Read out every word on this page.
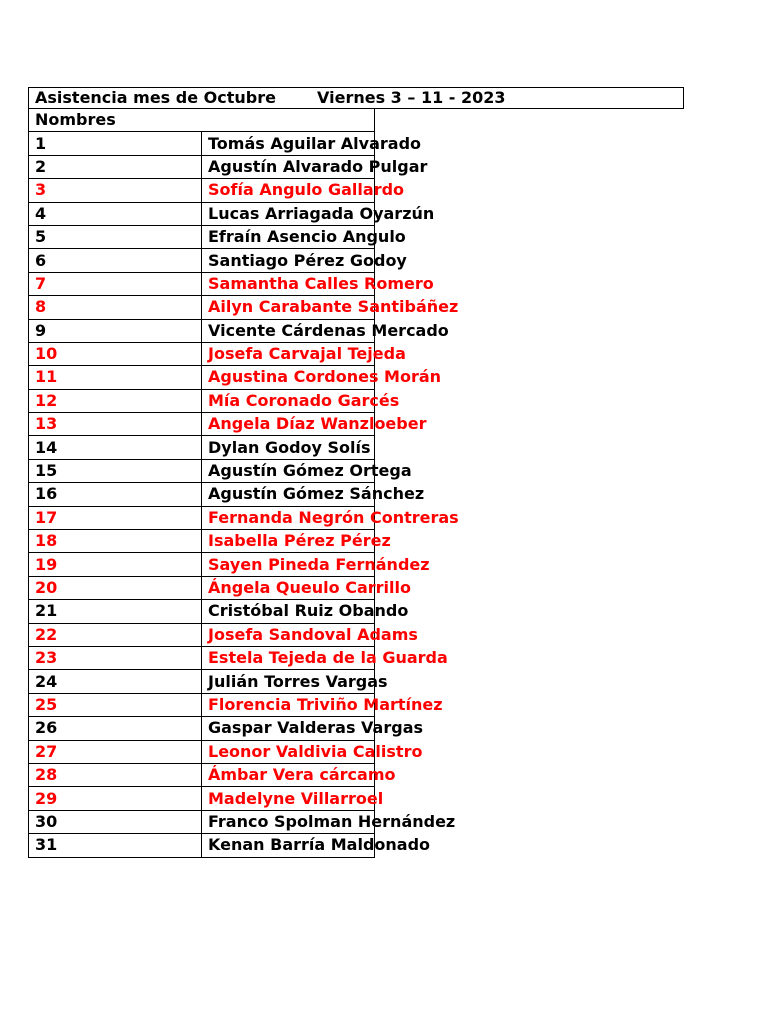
Asistencia mes de Octubre	Viernes 3 – 11 - 2023
Nombres	
1	Tomás Aguilar Alvarado
2	Agustín Alvarado Pulgar
3	Sofía Angulo Gallardo
4	Lucas Arriagada Oyarzún
5	Efraín Asencio Angulo
6	Santiago Pérez Godoy
7	Samantha Calles Romero
8	Ailyn Carabante Santibáñez
9	Vicente Cárdenas Mercado
10	Josefa Carvajal Tejeda
11	Agustina Cordones Morán
12	Mía Coronado Garcés
13	Angela Díaz Wanzloeber
14	Dylan Godoy Solís
15	Agustín Gómez Ortega
16	Agustín Gómez Sánchez
17	Fernanda Negrón Contreras
18	Isabella Pérez Pérez
19	Sayen Pineda Fernández
20	Ángela Queulo Carrillo
21	Cristóbal Ruiz Obando
22	Josefa Sandoval Adams
23	Estela Tejeda de la Guarda
24	Julián Torres Vargas
25	Florencia Triviño Martínez
26	Gaspar Valderas Vargas
27	Leonor Valdivia Calistro
28	Ámbar Vera cárcamo
29	Madelyne Villarroel
30	Franco Spolman Hernández
31	Kenan Barría Maldonado
